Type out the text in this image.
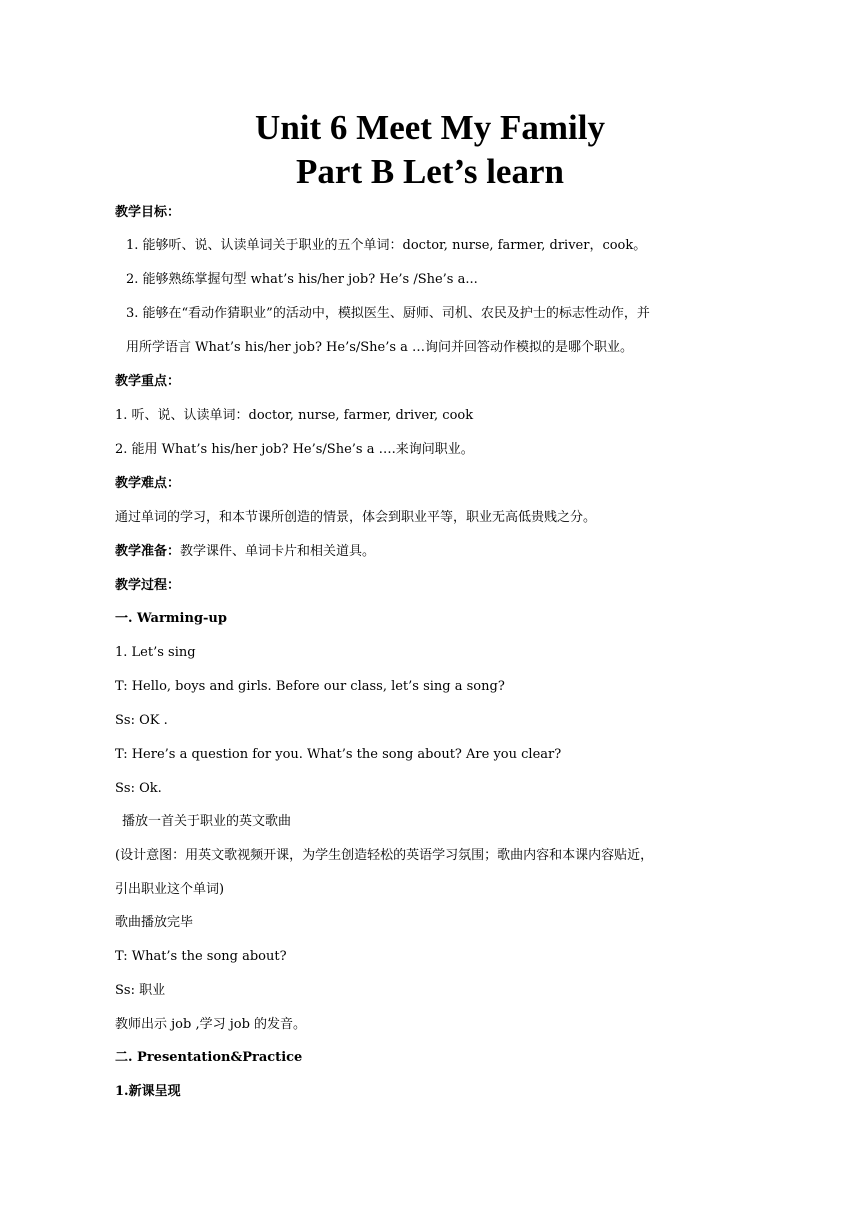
Unit 6 Meet My Family
Part B Let’s learn
教学目标：
1. 能够听、说、认读单词关于职业的五个单词：doctor, nurse, farmer, driver，cook。
2. 能够熟练掌握句型 what’s his/her job? He’s /She’s a...
3. 能够在“看动作猜职业”的活动中，模拟医生、厨师、司机、农民及护士的标志性动作，并
用所学语言 What’s his/her job? He’s/She’s a …询问并回答动作模拟的是哪个职业。
教学重点：
1. 听、说、认读单词：doctor, nurse, farmer, driver, cook
2. 能用 What’s his/her job? He’s/She’s a ….来询问职业。
教学难点：
通过单词的学习，和本节课所创造的情景，体会到职业平等，职业无高低贵贱之分。
教学准备：教学课件、单词卡片和相关道具。
教学过程：
一. Warming-up
1. Let’s sing
T: Hello, boys and girls. Before our class, let’s sing a song?
Ss: OK .
T: Here’s a question for you. What’s the song about? Are you clear?
Ss: Ok.
播放一首关于职业的英文歌曲
(设计意图：用英文歌视频开课，为学生创造轻松的英语学习氛围；歌曲内容和本课内容贴近，
引出职业这个单词)
歌曲播放完毕
T: What’s the song about?
Ss: 职业
教师出示 job ,学习 job 的发音。
二. Presentation&Practice
1.新课呈现
